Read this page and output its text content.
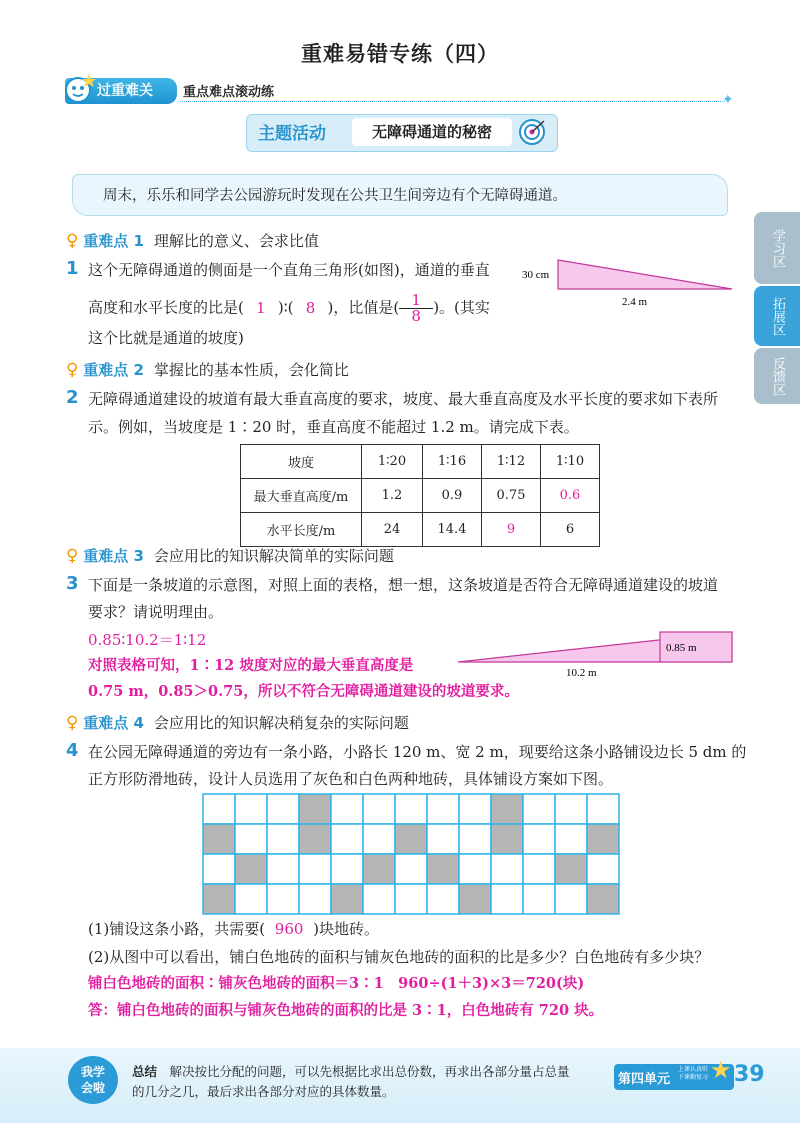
重难易错专练（四）
过重难关	重点难点滚动练	✦
主题活动	无障碍通道的秘密
周末，乐乐和同学去公园游玩时发现在公共卫生间旁边有个无障碍通道。
学习区
拓展区
反馈区
♀ 重难点 1 理解比的意义、会求比值
1 这个无障碍通道的侧面是一个直角三角形(如图)，通道的垂直
高度和水平长度的比是( 1 )∶( 8 )，比值是( $\frac{1}{8}$ )。(其实
这个比就是通道的坡度)
30 cm
2.4 m
♀ 重难点 2 掌握比的基本性质，会化简比
2 无障碍通道建设的坡道有最大垂直高度的要求，坡度、最大垂直高度及水平长度的要求如下表所
示。例如，当坡度是 1∶20 时，垂直高度不能超过 1.2 m。请完成下表。
坡度	1∶20	1∶16	1∶12	1∶10
最大垂直高度/m	1.2	0.9	0.75	0.6
水平长度/m	24	14.4	9	6
♀ 重难点 3 会应用比的知识解决简单的实际问题
3 下面是一条坡道的示意图，对照上面的表格，想一想，这条坡道是否符合无障碍通道建设的坡道
要求？请说明理由。
0.85∶10.2＝1∶12
对照表格可知，1∶12 坡度对应的最大垂直高度是
0.75 m，0.85＞0.75，所以不符合无障碍通道建设的坡道要求。
0.85 m
10.2 m
♀ 重难点 4 会应用比的知识解决稍复杂的实际问题
4 在公园无障碍通道的旁边有一条小路，小路长 120 m、宽 2 m，现要给这条小路铺设边长 5 dm 的
正方形防滑地砖，设计人员选用了灰色和白色两种地砖，具体铺设方案如下图。
(1)铺设这条小路，共需要( 960 )块地砖。
(2)从图中可以看出，铺白色地砖的面积与铺灰色地砖的面积的比是多少？白色地砖有多少块？
铺白色地砖的面积∶铺灰色地砖的面积＝3∶1　960÷(1＋3)×3＝720(块)
答：铺白色地砖的面积与铺灰色地砖的面积的比是 3∶1，白色地砖有 720 块。
我学
会啦
总结　 解决按比分配的问题，可以先根据比求出总份数，再求出各部分量占总量
的几分之几，最后求出各部分对应的具体数量。
第四单元
上课认真听
下课勤复习 ★ 39
